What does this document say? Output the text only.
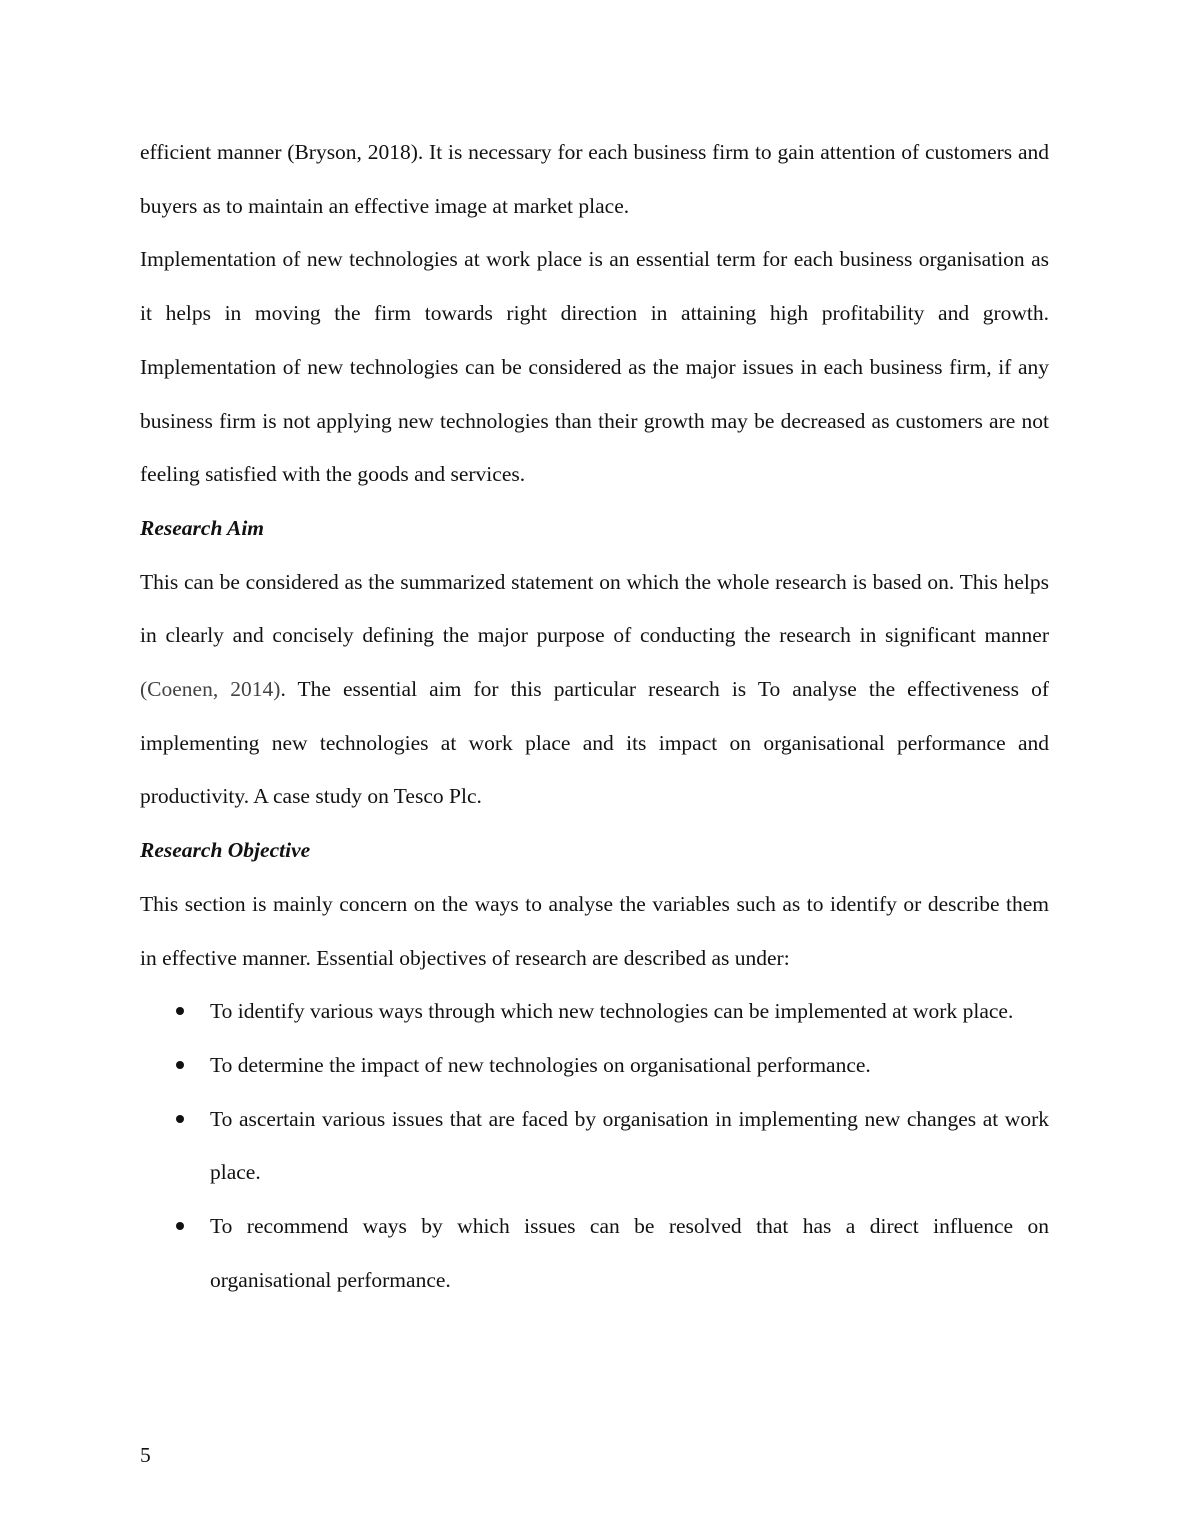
efficient manner (Bryson, 2018). It is necessary for each business firm to gain attention of customers and buyers as to maintain an effective image at market place.

Implementation of new technologies at work place is an essential term for each business organisation as it helps in moving the firm towards right direction in attaining high profitability and growth. Implementation of new technologies can be considered as the major issues in each business firm, if any business firm is not applying new technologies than their growth may be decreased as customers are not feeling satisfied with the goods and services.

Research Aim

This can be considered as the summarized statement on which the whole research is based on. This helps in clearly and concisely defining the major purpose of conducting the research in significant manner (Coenen, 2014). The essential aim for this particular research is To analyse the effectiveness of implementing new technologies at work place and its impact on organisational performance and productivity. A case study on Tesco Plc.

Research Objective

This section is mainly concern on the ways to analyse the variables such as to identify or describe them in effective manner. Essential objectives of research are described as under:

To identify various ways through which new technologies can be implemented at work place.
To determine the impact of new technologies on organisational performance.
To ascertain various issues that are faced by organisation in implementing new changes at work place.
To recommend ways by which issues can be resolved that has a direct influence on organisational performance.
5
